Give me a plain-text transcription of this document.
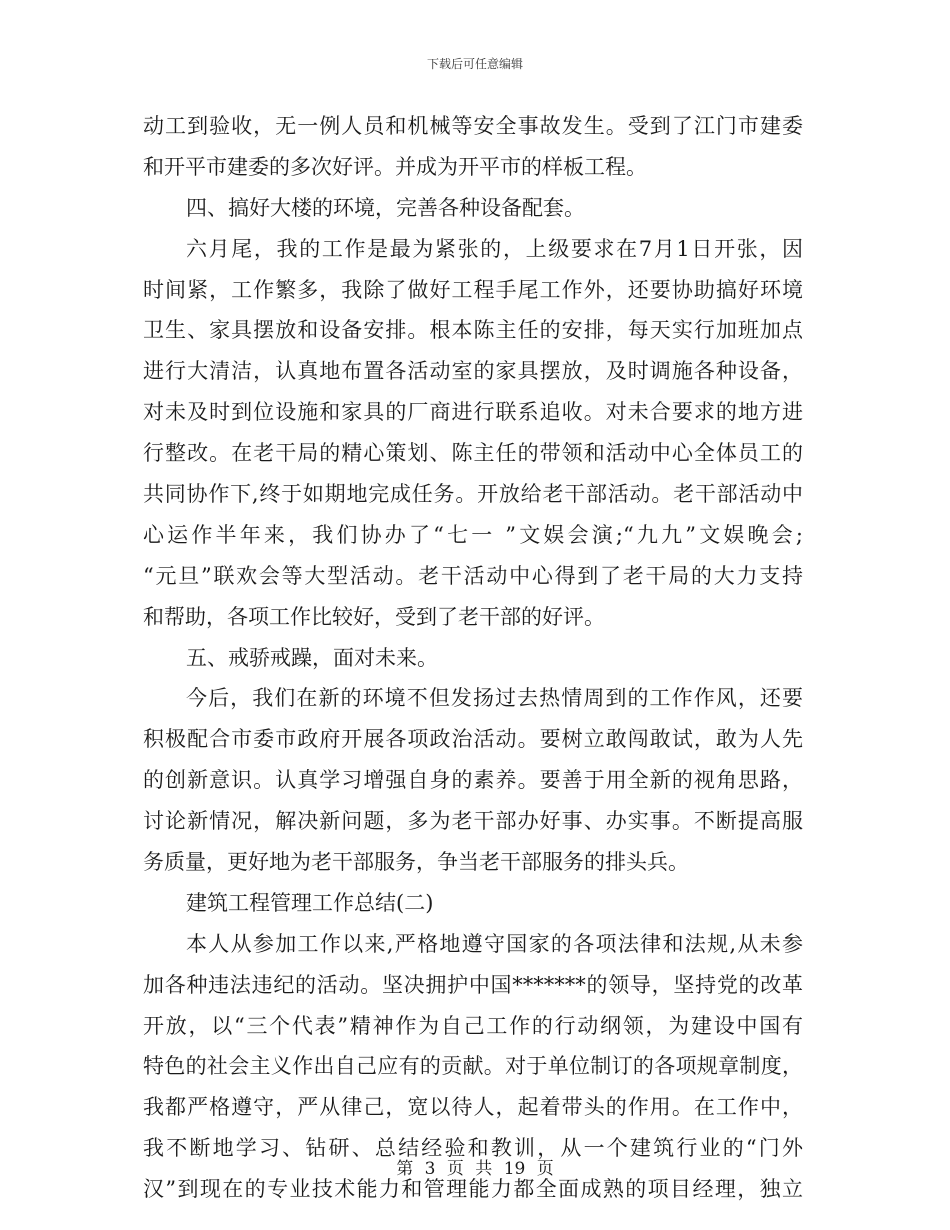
下载后可任意编辑
动工到验收，无一例人员和机械等安全事故发生。受到了江门市建委
和开平市建委的多次好评。并成为开平市的样板工程。
四、搞好大楼的环境，完善各种设备配套。
六月尾，我的工作是最为紧张的，上级要求在7月1日开张，因
时间紧，工作繁多，我除了做好工程手尾工作外，还要协助搞好环境
卫生、家具摆放和设备安排。根本陈主任的安排，每天实行加班加点
进行大清洁，认真地布置各活动室的家具摆放，及时调施各种设备，
对未及时到位设施和家具的厂商进行联系追收。对未合要求的地方进
行整改。在老干局的精心策划、陈主任的带领和活动中心全体员工的
共同协作下,终于如期地完成任务。开放给老干部活动。老干部活动中
心运作半年来，我们协办了“七一 ”文娱会演;“九九”文娱晚会;
“元旦”联欢会等大型活动。老干活动中心得到了老干局的大力支持
和帮助，各项工作比较好，受到了老干部的好评。
五、戒骄戒躁，面对未来。
今后，我们在新的环境不但发扬过去热情周到的工作作风，还要
积极配合市委市政府开展各项政治活动。要树立敢闯敢试，敢为人先
的创新意识。认真学习增强自身的素养。要善于用全新的视角思路，
讨论新情况，解决新问题，多为老干部办好事、办实事。不断提高服
务质量，更好地为老干部服务，争当老干部服务的排头兵。
建筑工程管理工作总结(二)
本人从参加工作以来,严格地遵守国家的各项法律和法规,从未参
加各种违法违纪的活动。坚决拥护中国*******的领导，坚持党的改革
开放，以“三个代表”精神作为自己工作的行动纲领，为建设中国有
特色的社会主义作出自己应有的贡献。对于单位制订的各项规章制度，
我都严格遵守，严从律己，宽以待人，起着带头的作用。在工作中，
我不断地学习、钻研、总结经验和教训，从一个建筑行业的“门外
汉”到现在的专业技术能力和管理能力都全面成熟的项目经理，独立
第 3 页 共 19 页
